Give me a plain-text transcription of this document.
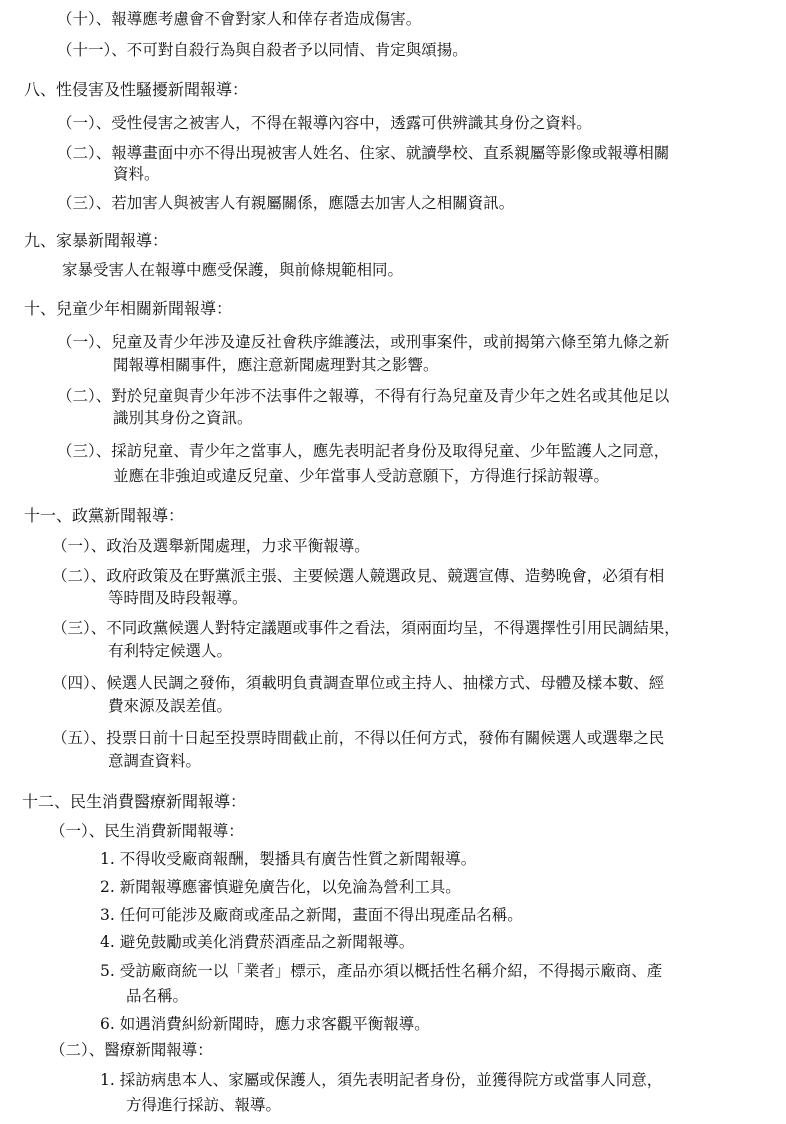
（十）、報導應考慮會不會對家人和倖存者造成傷害。
（十一）、不可對自殺行為與自殺者予以同情、肯定與頌揚。
八、性侵害及性騷擾新聞報導：
（一）、受性侵害之被害人，不得在報導內容中，透露可供辨識其身份之資料。
（二）、報導畫面中亦不得出現被害人姓名、住家、就讀學校、直系親屬等影像或報導相關
資料。
（三）、若加害人與被害人有親屬關係，應隱去加害人之相關資訊。
九、家暴新聞報導：
家暴受害人在報導中應受保護，與前條規範相同。
十、兒童少年相關新聞報導：
（一）、兒童及青少年涉及違反社會秩序維護法，或刑事案件，或前揭第六條至第九條之新
聞報導相關事件，應注意新聞處理對其之影響。
（二）、對於兒童與青少年涉不法事件之報導，不得有行為兒童及青少年之姓名或其他足以
識別其身份之資訊。
（三）、採訪兒童、青少年之當事人，應先表明記者身份及取得兒童、少年監護人之同意，
並應在非強迫或違反兒童、少年當事人受訪意願下，方得進行採訪報導。
十一、政黨新聞報導：
（一）、政治及選舉新聞處理，力求平衡報導。
（二）、政府政策及在野黨派主張、主要候選人競選政見、競選宣傳、造勢晚會，必須有相
等時間及時段報導。
（三）、不同政黨候選人對特定議題或事件之看法，須兩面均呈，不得選擇性引用民調結果，
有利特定候選人。
（四）、候選人民調之發佈，須載明負責調查單位或主持人、抽樣方式、母體及樣本數、經
費來源及誤差值。
（五）、投票日前十日起至投票時間截止前，不得以任何方式，發佈有關候選人或選舉之民
意調查資料。
十二、民生消費醫療新聞報導：
（一）、民生消費新聞報導：
1. 不得收受廠商報酬，製播具有廣告性質之新聞報導。
2. 新聞報導應審慎避免廣告化，以免淪為營利工具。
3. 任何可能涉及廠商或產品之新聞，畫面不得出現產品名稱。
4. 避免鼓勵或美化消費菸酒產品之新聞報導。
5. 受訪廠商統一以「業者」標示，產品亦須以概括性名稱介紹，不得揭示廠商、產
品名稱。
6. 如遇消費糾紛新聞時，應力求客觀平衡報導。
（二）、醫療新聞報導：
1. 採訪病患本人、家屬或保護人，須先表明記者身份，並獲得院方或當事人同意，
方得進行採訪、報導。
